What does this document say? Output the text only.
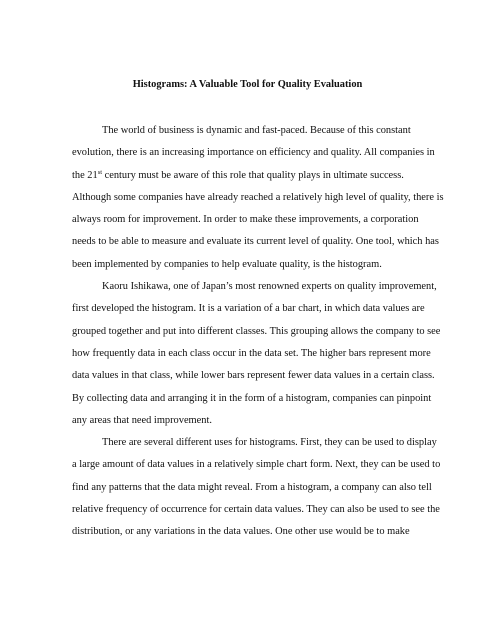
Histograms: A Valuable Tool for Quality Evaluation
The world of business is dynamic and fast-paced. Because of this constant
evolution, there is an increasing importance on efficiency and quality. All companies in
the 21st century must be aware of this role that quality plays in ultimate success.
Although some companies have already reached a relatively high level of quality, there is
always room for improvement. In order to make these improvements, a corporation
needs to be able to measure and evaluate its current level of quality. One tool, which has
been implemented by companies to help evaluate quality, is the histogram.
Kaoru Ishikawa, one of Japan’s most renowned experts on quality improvement,
first developed the histogram. It is a variation of a bar chart, in which data values are
grouped together and put into different classes. This grouping allows the company to see
how frequently data in each class occur in the data set. The higher bars represent more
data values in that class, while lower bars represent fewer data values in a certain class.
By collecting data and arranging it in the form of a histogram, companies can pinpoint
any areas that need improvement.
There are several different uses for histograms. First, they can be used to display
a large amount of data values in a relatively simple chart form. Next, they can be used to
find any patterns that the data might reveal. From a histogram, a company can also tell
relative frequency of occurrence for certain data values. They can also be used to see the
distribution, or any variations in the data values. One other use would be to make
